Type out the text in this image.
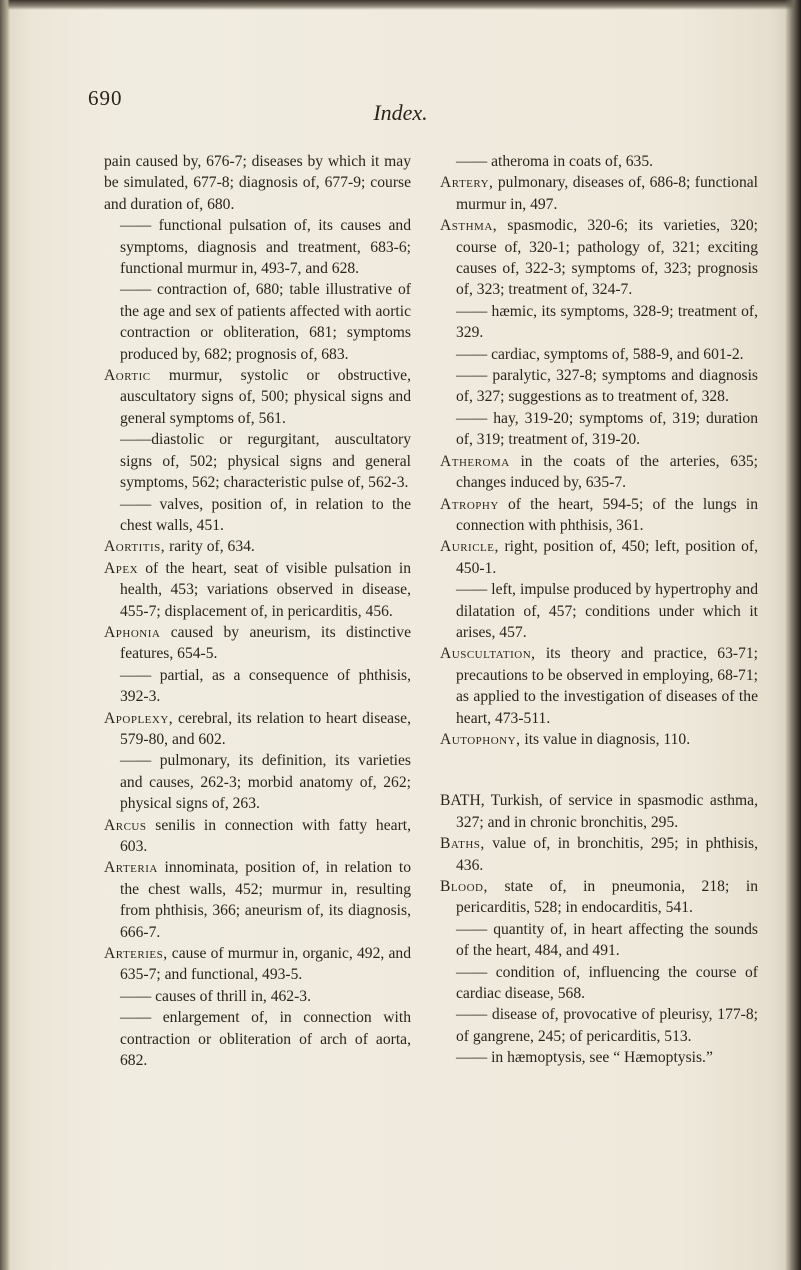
690
Index.

pain caused by, 676-7; diseases by which it may be simulated, 677-8; diagnosis of, 677-9; course and duration of, 680.

—— functional pulsation of, its causes and symptoms, diagnosis and treatment, 683-6; functional murmur in, 493-7, and 628.

—— contraction of, 680; table illustrative of the age and sex of patients affected with aortic contraction or obliteration, 681; symptoms produced by, 682; prognosis of, 683.

Aortic murmur, systolic or obstructive, auscultatory signs of, 500; physical signs and general symptoms of, 561.

——diastolic or regurgitant, auscultatory signs of, 502; physical signs and general symptoms, 562; characteristic pulse of, 562-3.

—— valves, position of, in relation to the chest walls, 451.

Aortitis, rarity of, 634.

Apex of the heart, seat of visible pulsation in health, 453; variations observed in disease, 455-7; displacement of, in pericarditis, 456.

Aphonia caused by aneurism, its distinctive features, 654-5.

—— partial, as a consequence of phthisis, 392-3.

Apoplexy, cerebral, its relation to heart disease, 579-80, and 602.

—— pulmonary, its definition, its varieties and causes, 262-3; morbid anatomy of, 262; physical signs of, 263.

Arcus senilis in connection with fatty heart, 603.

Arteria innominata, position of, in relation to the chest walls, 452; murmur in, resulting from phthisis, 366; aneurism of, its diagnosis, 666-7.

Arteries, cause of murmur in, organic, 492, and 635-7; and functional, 493-5.

—— causes of thrill in, 462-3.

—— enlargement of, in connection with contraction or obliteration of arch of aorta, 682.

—— atheroma in coats of, 635.

Artery, pulmonary, diseases of, 686-8; functional murmur in, 497.

Asthma, spasmodic, 320-6; its varieties, 320; course of, 320-1; pathology of, 321; exciting causes of, 322-3; symptoms of, 323; prognosis of, 323; treatment of, 324-7.

—— hæmic, its symptoms, 328-9; treatment of, 329.

—— cardiac, symptoms of, 588-9, and 601-2.

—— paralytic, 327-8; symptoms and diagnosis of, 327; suggestions as to treatment of, 328.

—— hay, 319-20; symptoms of, 319; duration of, 319; treatment of, 319-20.

Atheroma in the coats of the arteries, 635; changes induced by, 635-7.

Atrophy of the heart, 594-5; of the lungs in connection with phthisis, 361.

Auricle, right, position of, 450; left, position of, 450-1.

—— left, impulse produced by hypertrophy and dilatation of, 457; conditions under which it arises, 457.

Auscultation, its theory and practice, 63-71; precautions to be observed in employing, 68-71; as applied to the investigation of diseases of the heart, 473-511.

Autophony, its value in diagnosis, 110.

BATH, Turkish, of service in spasmodic asthma, 327; and in chronic bronchitis, 295.

Baths, value of, in bronchitis, 295; in phthisis, 436.

Blood, state of, in pneumonia, 218; in pericarditis, 528; in endocarditis, 541.

—— quantity of, in heart affecting the sounds of the heart, 484, and 491.

—— condition of, influencing the course of cardiac disease, 568.

—— disease of, provocative of pleurisy, 177-8; of gangrene, 245; of pericarditis, 513.

—— in hæmoptysis, see “ Hæmoptysis.”
